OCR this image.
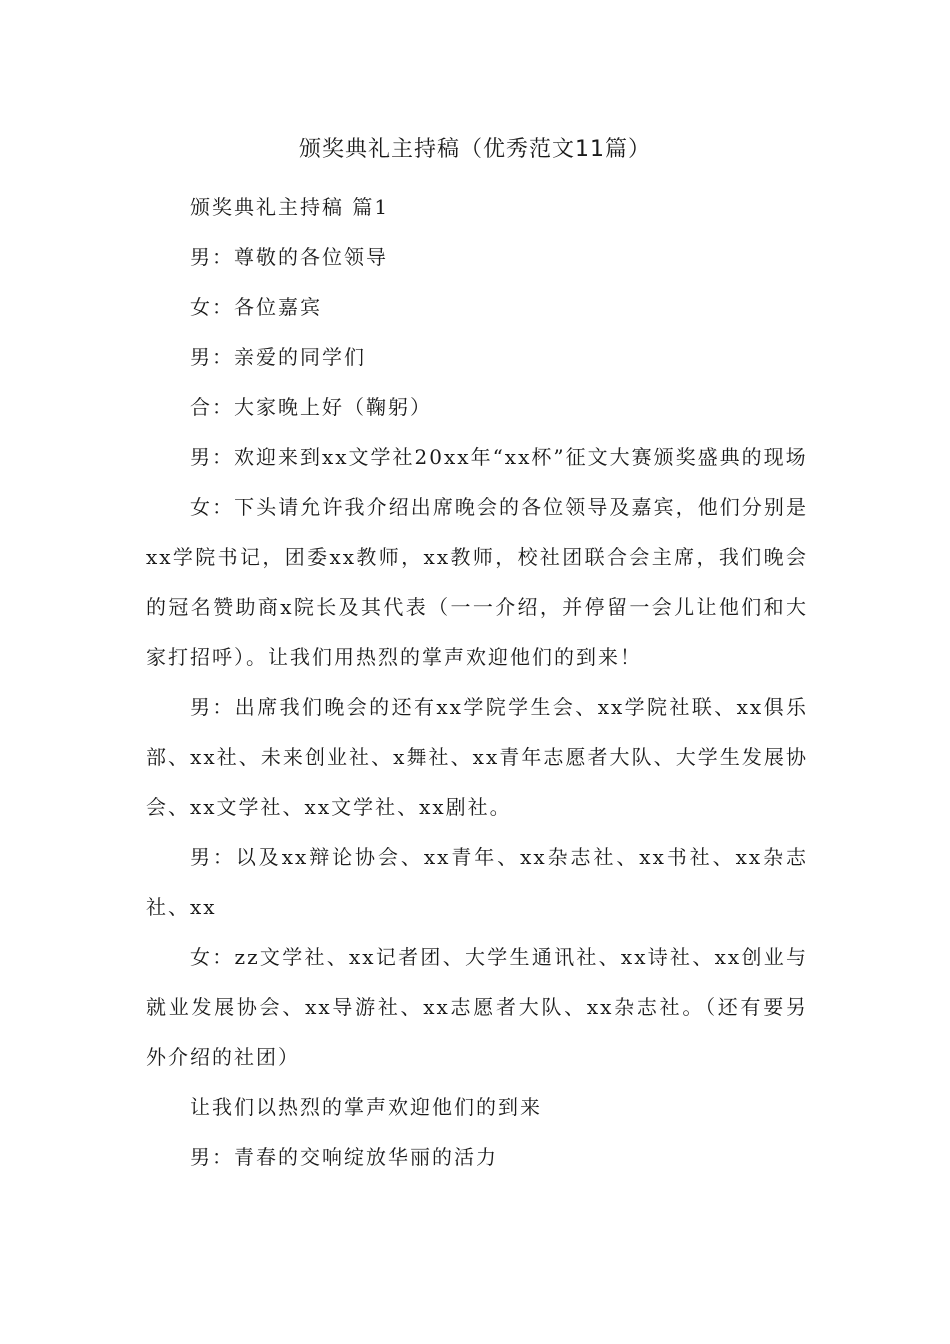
颁奖典礼主持稿（优秀范文11篇）

颁奖典礼主持稿 篇1

男：尊敬的各位领导

女：各位嘉宾

男：亲爱的同学们

合：大家晚上好（鞠躬）

男：欢迎来到xx文学社20xx年“xx杯”征文大赛颁奖盛典的现场

女：下头请允许我介绍出席晚会的各位领导及嘉宾，他们分别是xx学院书记，团委xx教师，xx教师，校社团联合会主席，我们晚会的冠名赞助商x院长及其代表（一一介绍，并停留一会儿让他们和大家打招呼）。让我们用热烈的掌声欢迎他们的到来！

男：出席我们晚会的还有xx学院学生会、xx学院社联、xx俱乐部、xx社、未来创业社、x舞社、xx青年志愿者大队、大学生发展协会、xx文学社、xx文学社、xx剧社。

男：以及xx辩论协会、xx青年、xx杂志社、xx书社、xx杂志社、xx

女：zz文学社、xx记者团、大学生通讯社、xx诗社、xx创业与就业发展协会、xx导游社、xx志愿者大队、xx杂志社。（还有要另外介绍的社团）

让我们以热烈的掌声欢迎他们的到来

男：青春的交响绽放华丽的活力
